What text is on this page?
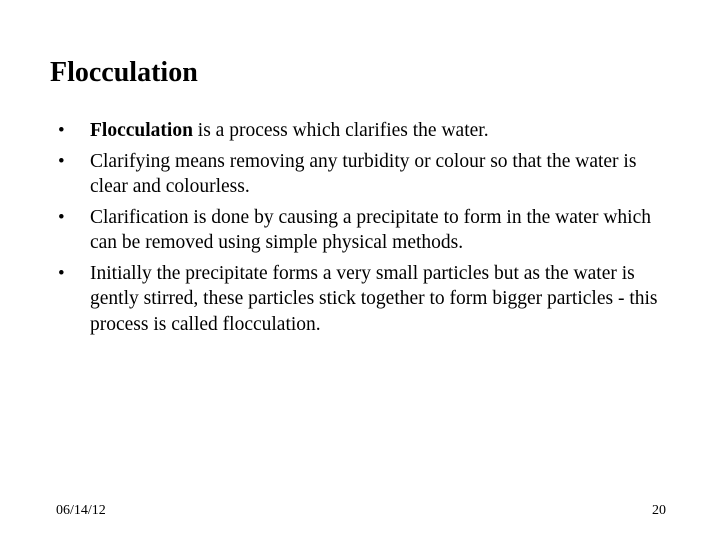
Flocculation
• Flocculation is a process which clarifies the water.
• Clarifying means removing any turbidity or colour so that the water is clear and colourless.
• Clarification is done by causing a precipitate to form in the water which can be removed using simple physical methods.
• Initially the precipitate forms a very small particles but as the water is gently stirred, these particles stick together to form bigger particles - this process is called flocculation.
06/14/12	20
